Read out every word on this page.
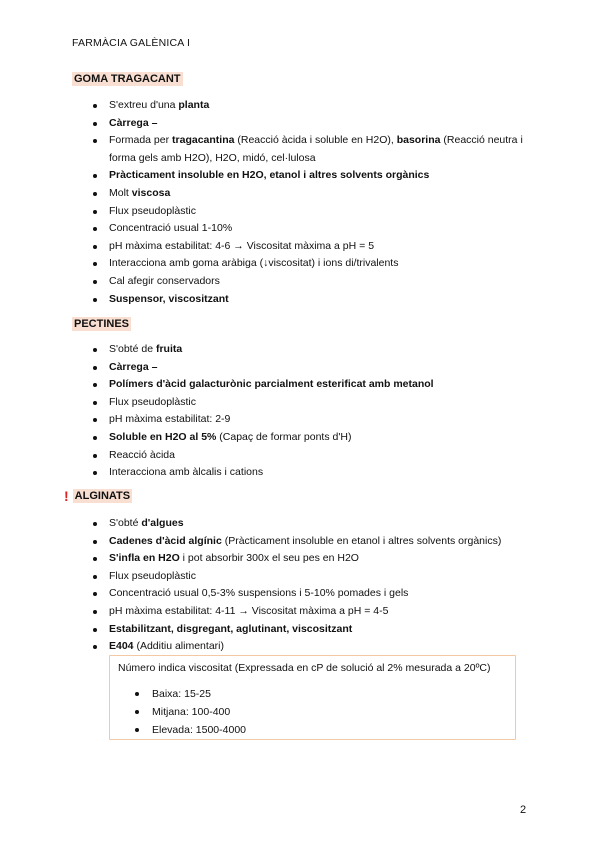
FARMÀCIA GALÈNICA I
GOMA TRAGACANT
S'extreu d'una planta
Càrrega –
Formada per tragacantina (Reacció àcida i soluble en H2O), basorina (Reacció neutra i forma gels amb H2O), H2O, midó, cel·lulosa
Pràcticament insoluble en H2O, etanol i altres solvents orgànics
Molt viscosa
Flux pseudoplàstic
Concentració usual 1-10%
pH màxima estabilitat: 4-6 → Viscositat màxima a pH = 5
Interacciona amb goma aràbiga (↓viscositat) i ions di/trivalents
Cal afegir conservadors
Suspensor, viscositzant
PECTINES
S'obté de fruita
Càrrega –
Polímers d'àcid galacturònic parcialment esterificat amb metanol
Flux pseudoplàstic
pH màxima estabilitat: 2-9
Soluble en H2O al 5% (Capaç de formar ponts d'H)
Reacció àcida
Interacciona amb àlcalis i cations
! ALGINATS
S'obté d'algues
Cadenes d'àcid algínic (Pràcticament insoluble en etanol i altres solvents orgànics)
S'infla en H2O i pot absorbir 300x el seu pes en H2O
Flux pseudoplàstic
Concentració usual 0,5-3% suspensions i 5-10% pomades i gels
pH màxima estabilitat: 4-11 → Viscositat màxima a pH = 4-5
Estabilitzant, disgregant, aglutinant, viscositzant
E404 (Additiu alimentari)
Número indica viscositat (Expressada en cP de solució al 2% mesurada a 20ºC)
Baixa: 15-25
Mitjana: 100-400
Elevada: 1500-4000
2
